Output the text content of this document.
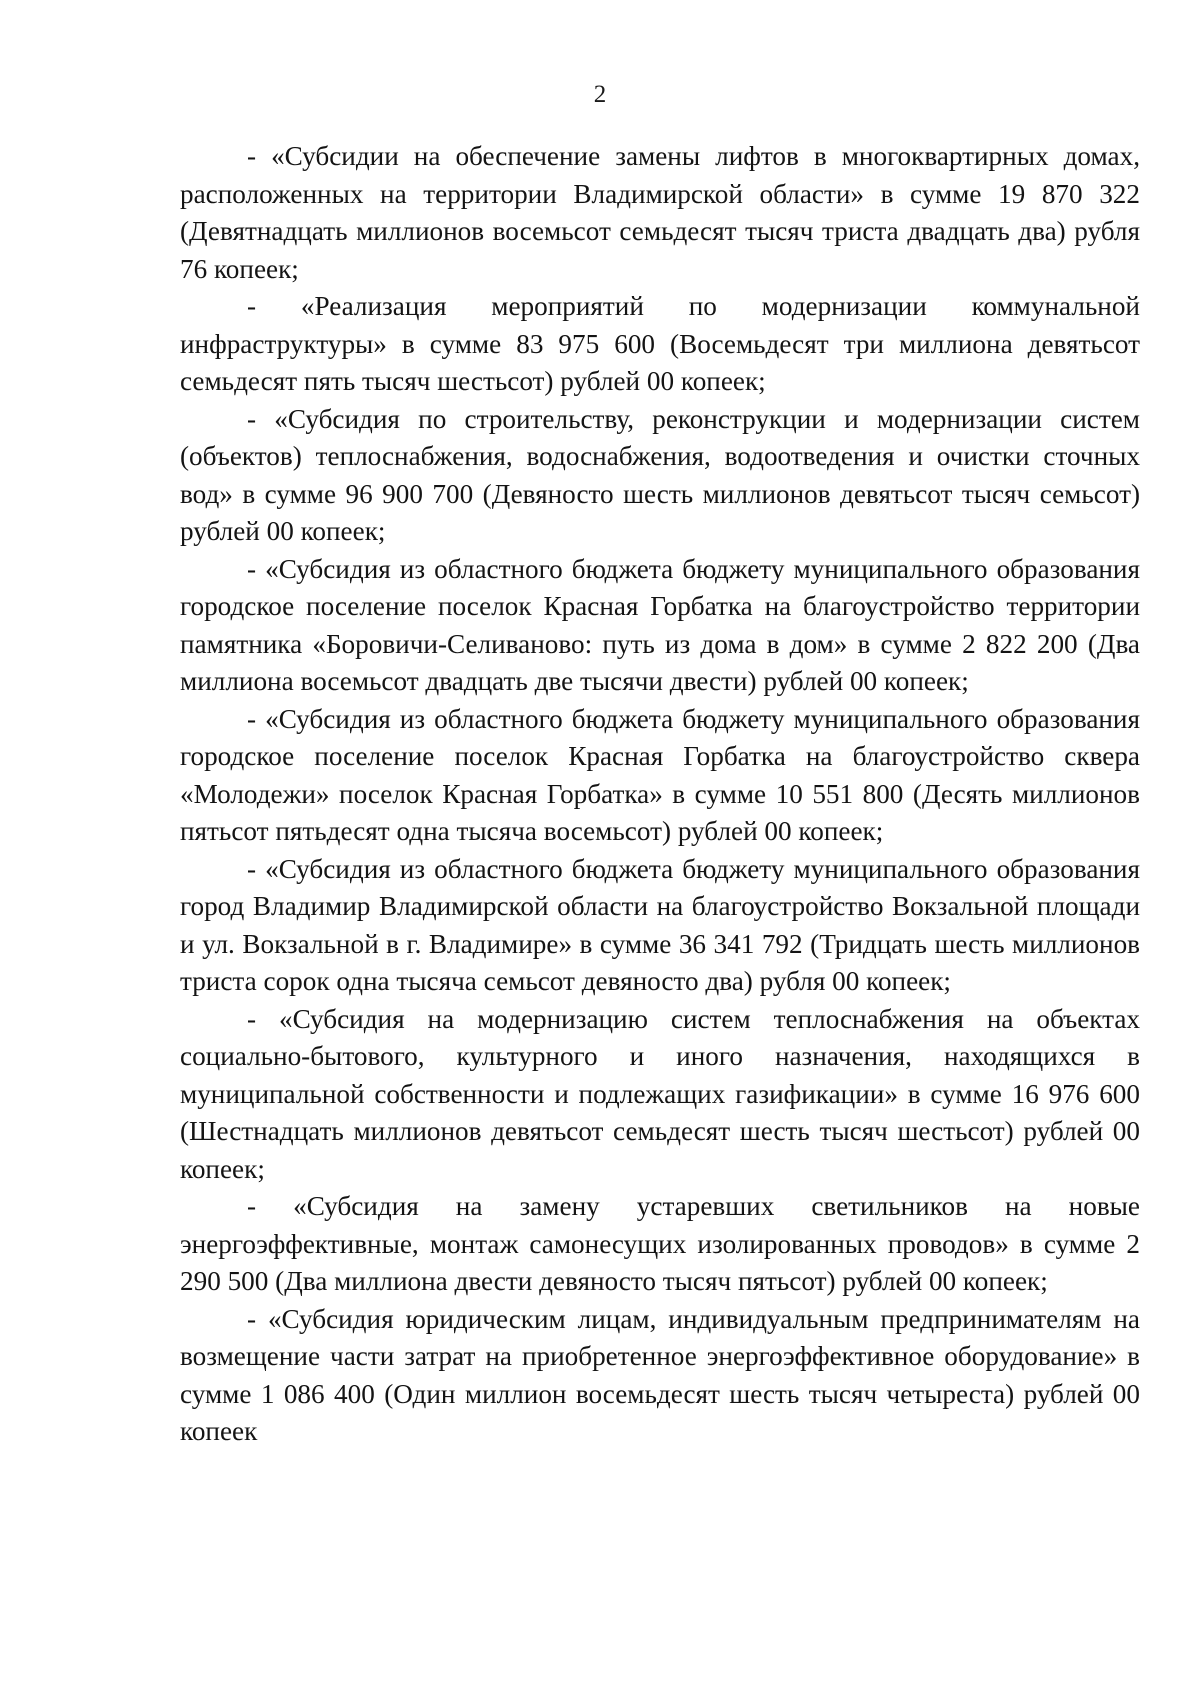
2

- «Субсидии на обеспечение замены лифтов в многоквартирных домах, расположенных на территории Владимирской области» в сумме 19 870 322 (Девятнадцать миллионов восемьсот семьдесят тысяч триста двадцать два) рубля 76 копеек;

- «Реализация мероприятий по модернизации коммунальной инфраструктуры» в сумме 83 975 600 (Восемьдесят три миллиона девятьсот семьдесят пять тысяч шестьсот) рублей 00 копеек;

- «Субсидия по строительству, реконструкции и модернизации систем (объектов) теплоснабжения, водоснабжения, водоотведения и очистки сточных вод» в сумме 96 900 700 (Девяносто шесть миллионов девятьсот тысяч семьсот) рублей 00 копеек;

- «Субсидия из областного бюджета бюджету муниципального образования городское поселение поселок Красная Горбатка на благоустройство территории памятника «Боровичи-Селиваново: путь из дома в дом» в сумме 2 822 200 (Два миллиона восемьсот двадцать две тысячи двести) рублей 00 копеек;

- «Субсидия из областного бюджета бюджету муниципального образования городское поселение поселок Красная Горбатка на благоустройство сквера «Молодежи» поселок Красная Горбатка» в сумме 10 551 800 (Десять миллионов пятьсот пятьдесят одна тысяча восемьсот) рублей 00 копеек;

- «Субсидия из областного бюджета бюджету муниципального образования город Владимир Владимирской области на благоустройство Вокзальной площади и ул. Вокзальной в г. Владимире» в сумме 36 341 792 (Тридцать шесть миллионов триста сорок одна тысяча семьсот девяносто два) рубля 00 копеек;

- «Субсидия на модернизацию систем теплоснабжения на объектах социально-бытового, культурного и иного назначения, находящихся в муниципальной собственности и подлежащих газификации» в сумме 16 976 600 (Шестнадцать миллионов девятьсот семьдесят шесть тысяч шестьсот) рублей 00 копеек;

- «Субсидия на замену устаревших светильников на новые энергоэффективные, монтаж самонесущих изолированных проводов» в сумме 2 290 500 (Два миллиона двести девяносто тысяч пятьсот) рублей 00 копеек;

- «Субсидия юридическим лицам, индивидуальным предпринимателям на возмещение части затрат на приобретенное энергоэффективное оборудование» в сумме 1 086 400 (Один миллион восемьдесят шесть тысяч четыреста) рублей 00 копеек
